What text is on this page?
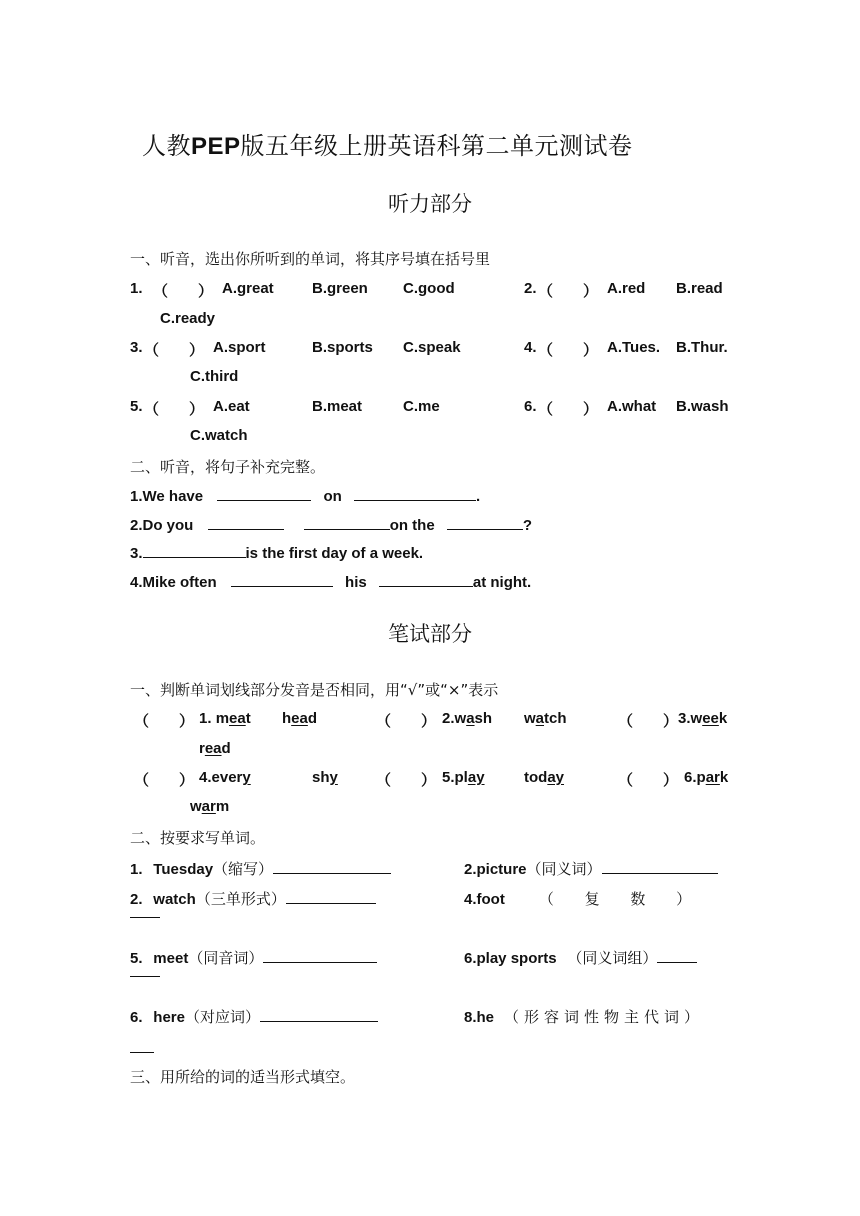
人教PEP版五年级上册英语科第二单元测试卷
听力部分
一、听音，选出你所听到的单词，将其序号填在括号里
1. （　　） A.great	B.green C.good	2. （　　） A.red B.read
C.ready
3. （　　） A.sport	B.sports C.speak	4. （　　） A.Tues. B.Thur.
C.third
5. （　　） A.eat	B.meat	C.me	6. （　　） A.what B.wash
C.watch
二、听音，将句子补充完整。
1.We have	on	.
2.Do you	on the	?
3.	is the first day of a week.
4.Mike often	his	at night.
笔试部分
一、判断单词划线部分发音是否相同，用“√”或“×”表示
（　　） 1. meat head	（　　） 2.wash watch	（　　） 3.week
read
（　　） 4.every	shy	（　　） 5.play	today	（　　） 6.park
warm
二、按要求写单词。
1. Tuesday（缩写）	2.picture（同义词）
2. watch（三单形式）	4.foot （ 复 数 ）
5. meet（同音词）	6.play sports （同义词组）
6. here（对应词）	8.he （形容词性物主代词）
三、用所给的词的适当形式填空。
